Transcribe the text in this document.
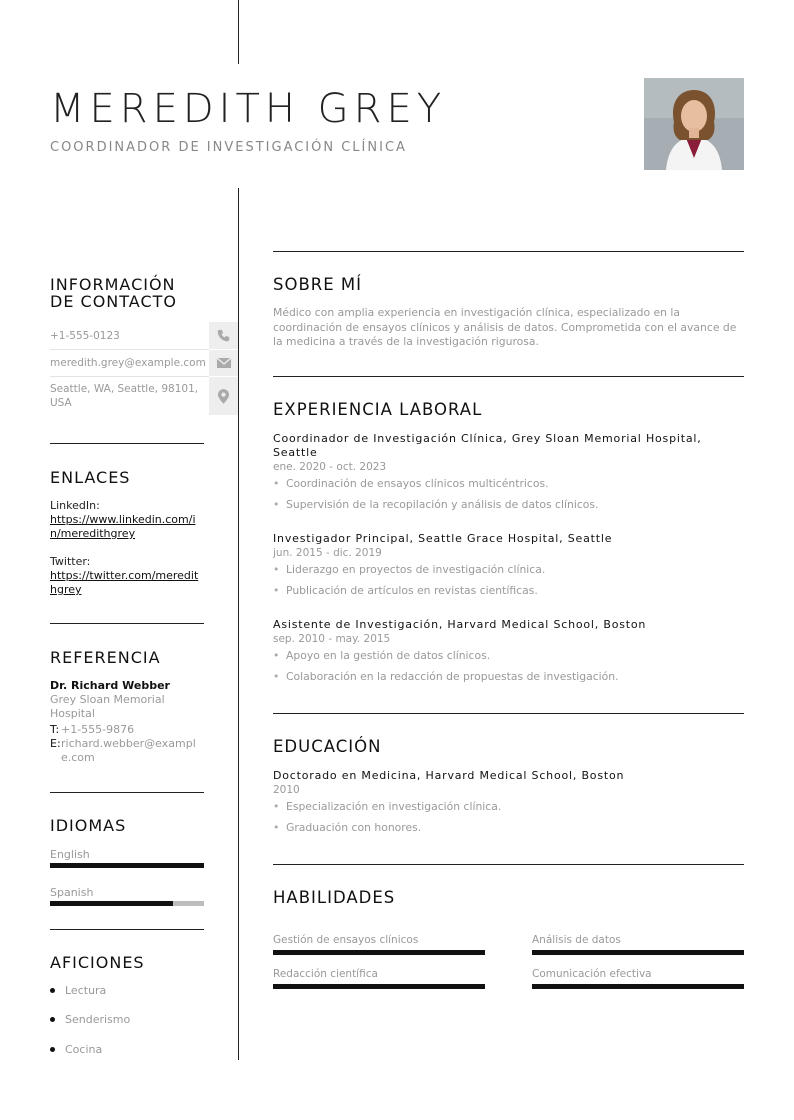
MEREDITH GREY
COORDINADOR DE INVESTIGACIÓN CLÍNICA
INFORMACIÓN
DE CONTACTO
+1-555-0123
meredith.grey@example.com
Seattle, WA, Seattle, 98101, USA
ENLACES
LinkedIn:
https://www.linkedin.com/in/meredithgrey
Twitter:
https://twitter.com/meredithgrey
REFERENCIA
Dr. Richard Webber
Grey Sloan Memorial Hospital
T: +1-555-9876
E: richard.webber@example.com
IDIOMAS
English
Spanish
AFICIONES
Lectura
Senderismo
Cocina
SOBRE MÍ
Médico con amplia experiencia en investigación clínica, especializado en la coordinación de ensayos clínicos y análisis de datos. Comprometida con el avance de la medicina a través de la investigación rigurosa.
EXPERIENCIA LABORAL
Coordinador de Investigación Clínica, Grey Sloan Memorial Hospital, Seattle
ene. 2020 - oct. 2023
• Coordinación de ensayos clínicos multicéntricos.
• Supervisión de la recopilación y análisis de datos clínicos.
Investigador Principal, Seattle Grace Hospital, Seattle
jun. 2015 - dic. 2019
• Liderazgo en proyectos de investigación clínica.
• Publicación de artículos en revistas científicas.
Asistente de Investigación, Harvard Medical School, Boston
sep. 2010 - may. 2015
• Apoyo en la gestión de datos clínicos.
• Colaboración en la redacción de propuestas de investigación.
EDUCACIÓN
Doctorado en Medicina, Harvard Medical School, Boston
2010
• Especialización en investigación clínica.
• Graduación con honores.
HABILIDADES
Gestión de ensayos clínicos	Análisis de datos
Redacción científica	Comunicación efectiva
